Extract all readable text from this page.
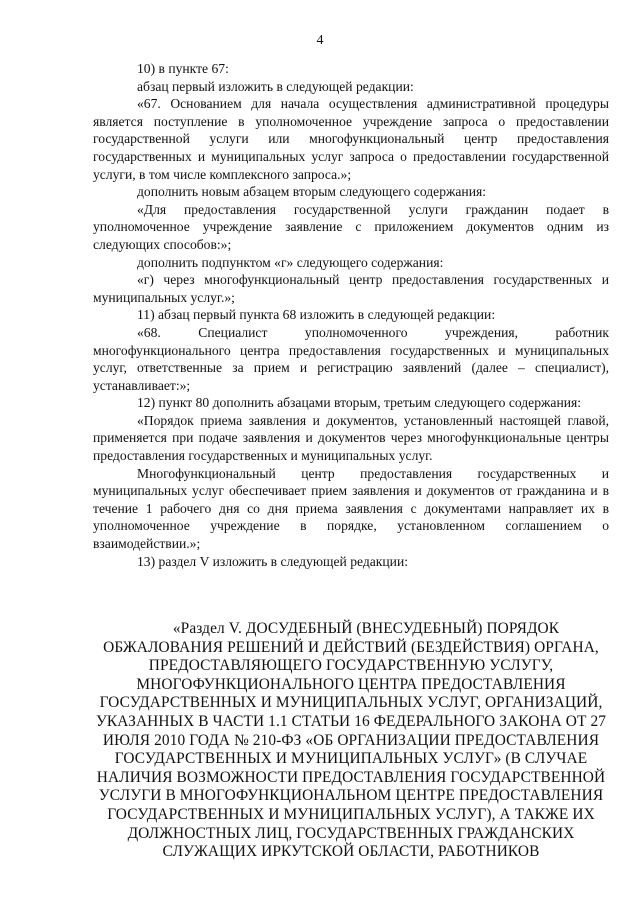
4

10) в пункте 67:

абзац первый изложить в следующей редакции:

«67. Основанием для начала осуществления административной процедуры является поступление в уполномоченное учреждение запроса о предоставлении государственной услуги или многофункциональный центр предоставления государственных и муниципальных услуг запроса о предоставлении государственной услуги, в том числе комплексного запроса.»;

дополнить новым абзацем вторым следующего содержания:

«Для предоставления государственной услуги гражданин подает в уполномоченное учреждение заявление с приложением документов одним из следующих способов:»;

дополнить подпунктом «г» следующего содержания:

«г) через многофункциональный центр предоставления государственных и муниципальных услуг.»;

11) абзац первый пункта 68 изложить в следующей редакции:

«68. Специалист уполномоченного учреждения, работник многофункционального центра предоставления государственных и муниципальных услуг, ответственные за прием и регистрацию заявлений (далее – специалист), устанавливает:»;

12) пункт 80 дополнить абзацами вторым, третьим следующего содержания:

«Порядок приема заявления и документов, установленный настоящей главой, применяется при подаче заявления и документов через многофункциональные центры предоставления государственных и муниципальных услуг.

Многофункциональный центр предоставления государственных и муниципальных услуг обеспечивает прием заявления и документов от гражданина и в течение 1 рабочего дня со дня приема заявления с документами направляет их в уполномоченное учреждение в порядке, установленном соглашением о взаимодействии.»;

13) раздел V изложить в следующей редакции:

«Раздел V. ДОСУДЕБНЫЙ (ВНЕСУДЕБНЫЙ) ПОРЯДОК ОБЖАЛОВАНИЯ РЕШЕНИЙ И ДЕЙСТВИЙ (БЕЗДЕЙСТВИЯ) ОРГАНА, ПРЕДОСТАВЛЯЮЩЕГО ГОСУДАРСТВЕННУЮ УСЛУГУ, МНОГОФУНКЦИОНАЛЬНОГО ЦЕНТРА ПРЕДОСТАВЛЕНИЯ ГОСУДАРСТВЕННЫХ И МУНИЦИПАЛЬНЫХ УСЛУГ, ОРГАНИЗАЦИЙ, УКАЗАННЫХ В ЧАСТИ 1.1 СТАТЬИ 16 ФЕДЕРАЛЬНОГО ЗАКОНА ОТ 27 ИЮЛЯ 2010 ГОДА № 210-ФЗ «ОБ ОРГАНИЗАЦИИ ПРЕДОСТАВЛЕНИЯ ГОСУДАРСТВЕННЫХ И МУНИЦИПАЛЬНЫХ УСЛУГ» (В СЛУЧАЕ НАЛИЧИЯ ВОЗМОЖНОСТИ ПРЕДОСТАВЛЕНИЯ ГОСУДАРСТВЕННОЙ УСЛУГИ В МНОГОФУНКЦИОНАЛЬНОМ ЦЕНТРЕ ПРЕДОСТАВЛЕНИЯ ГОСУДАРСТВЕННЫХ И МУНИЦИПАЛЬНЫХ УСЛУГ), А ТАКЖЕ ИХ ДОЛЖНОСТНЫХ ЛИЦ, ГОСУДАРСТВЕННЫХ ГРАЖДАНСКИХ СЛУЖАЩИХ ИРКУТСКОЙ ОБЛАСТИ, РАБОТНИКОВ
